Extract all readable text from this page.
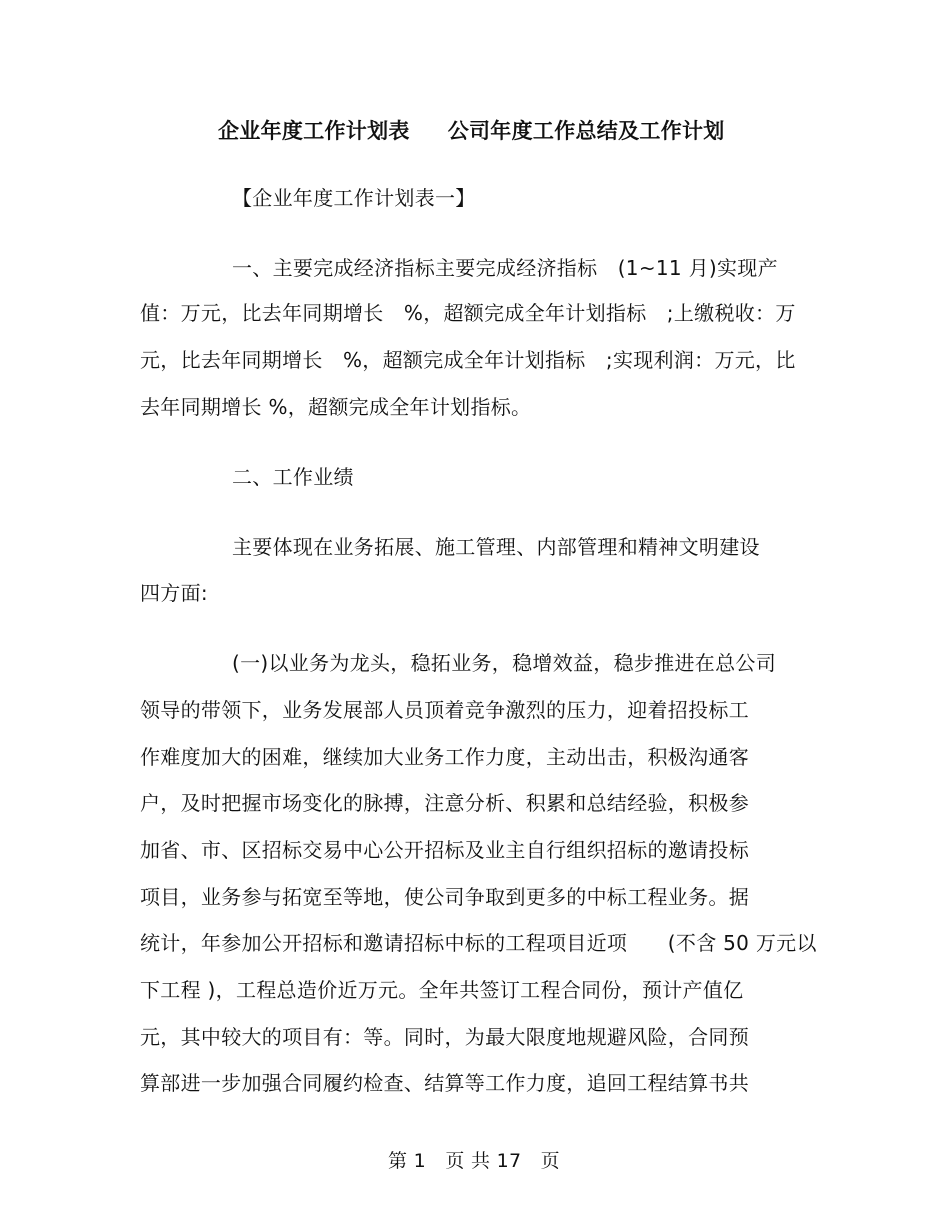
企业年度工作计划表 公司年度工作总结及工作计划

【企业年度工作计划表一】

一、主要完成经济指标主要完成经济指标　(1~11 月)实现产

值：万元，比去年同期增长　%，超额完成全年计划指标　;上缴税收：万

元，比去年同期增长　%，超额完成全年计划指标　;实现利润：万元，比

去年同期增长 %，超额完成全年计划指标。

二、工作业绩

主要体现在业务拓展、施工管理、内部管理和精神文明建设

四方面:

(一)以业务为龙头，稳拓业务，稳增效益，稳步推进在总公司

领导的带领下，业务发展部人员顶着竞争激烈的压力，迎着招投标工

作难度加大的困难，继续加大业务工作力度，主动出击，积极沟通客

户，及时把握市场变化的脉搏，注意分析、积累和总结经验，积极参

加省、市、区招标交易中心公开招标及业主自行组织招标的邀请投标

项目，业务参与拓宽至等地，使公司争取到更多的中标工程业务。据

统计，年参加公开招标和邀请招标中标的工程项目近项　　(不含 50 万元以

下工程 )，工程总造价近万元。全年共签订工程合同份，预计产值亿

元，其中较大的项目有：等。同时，为最大限度地规避风险，合同预

算部进一步加强合同履约检查、结算等工作力度，追回工程结算书共

第 1　页 共 17　页
